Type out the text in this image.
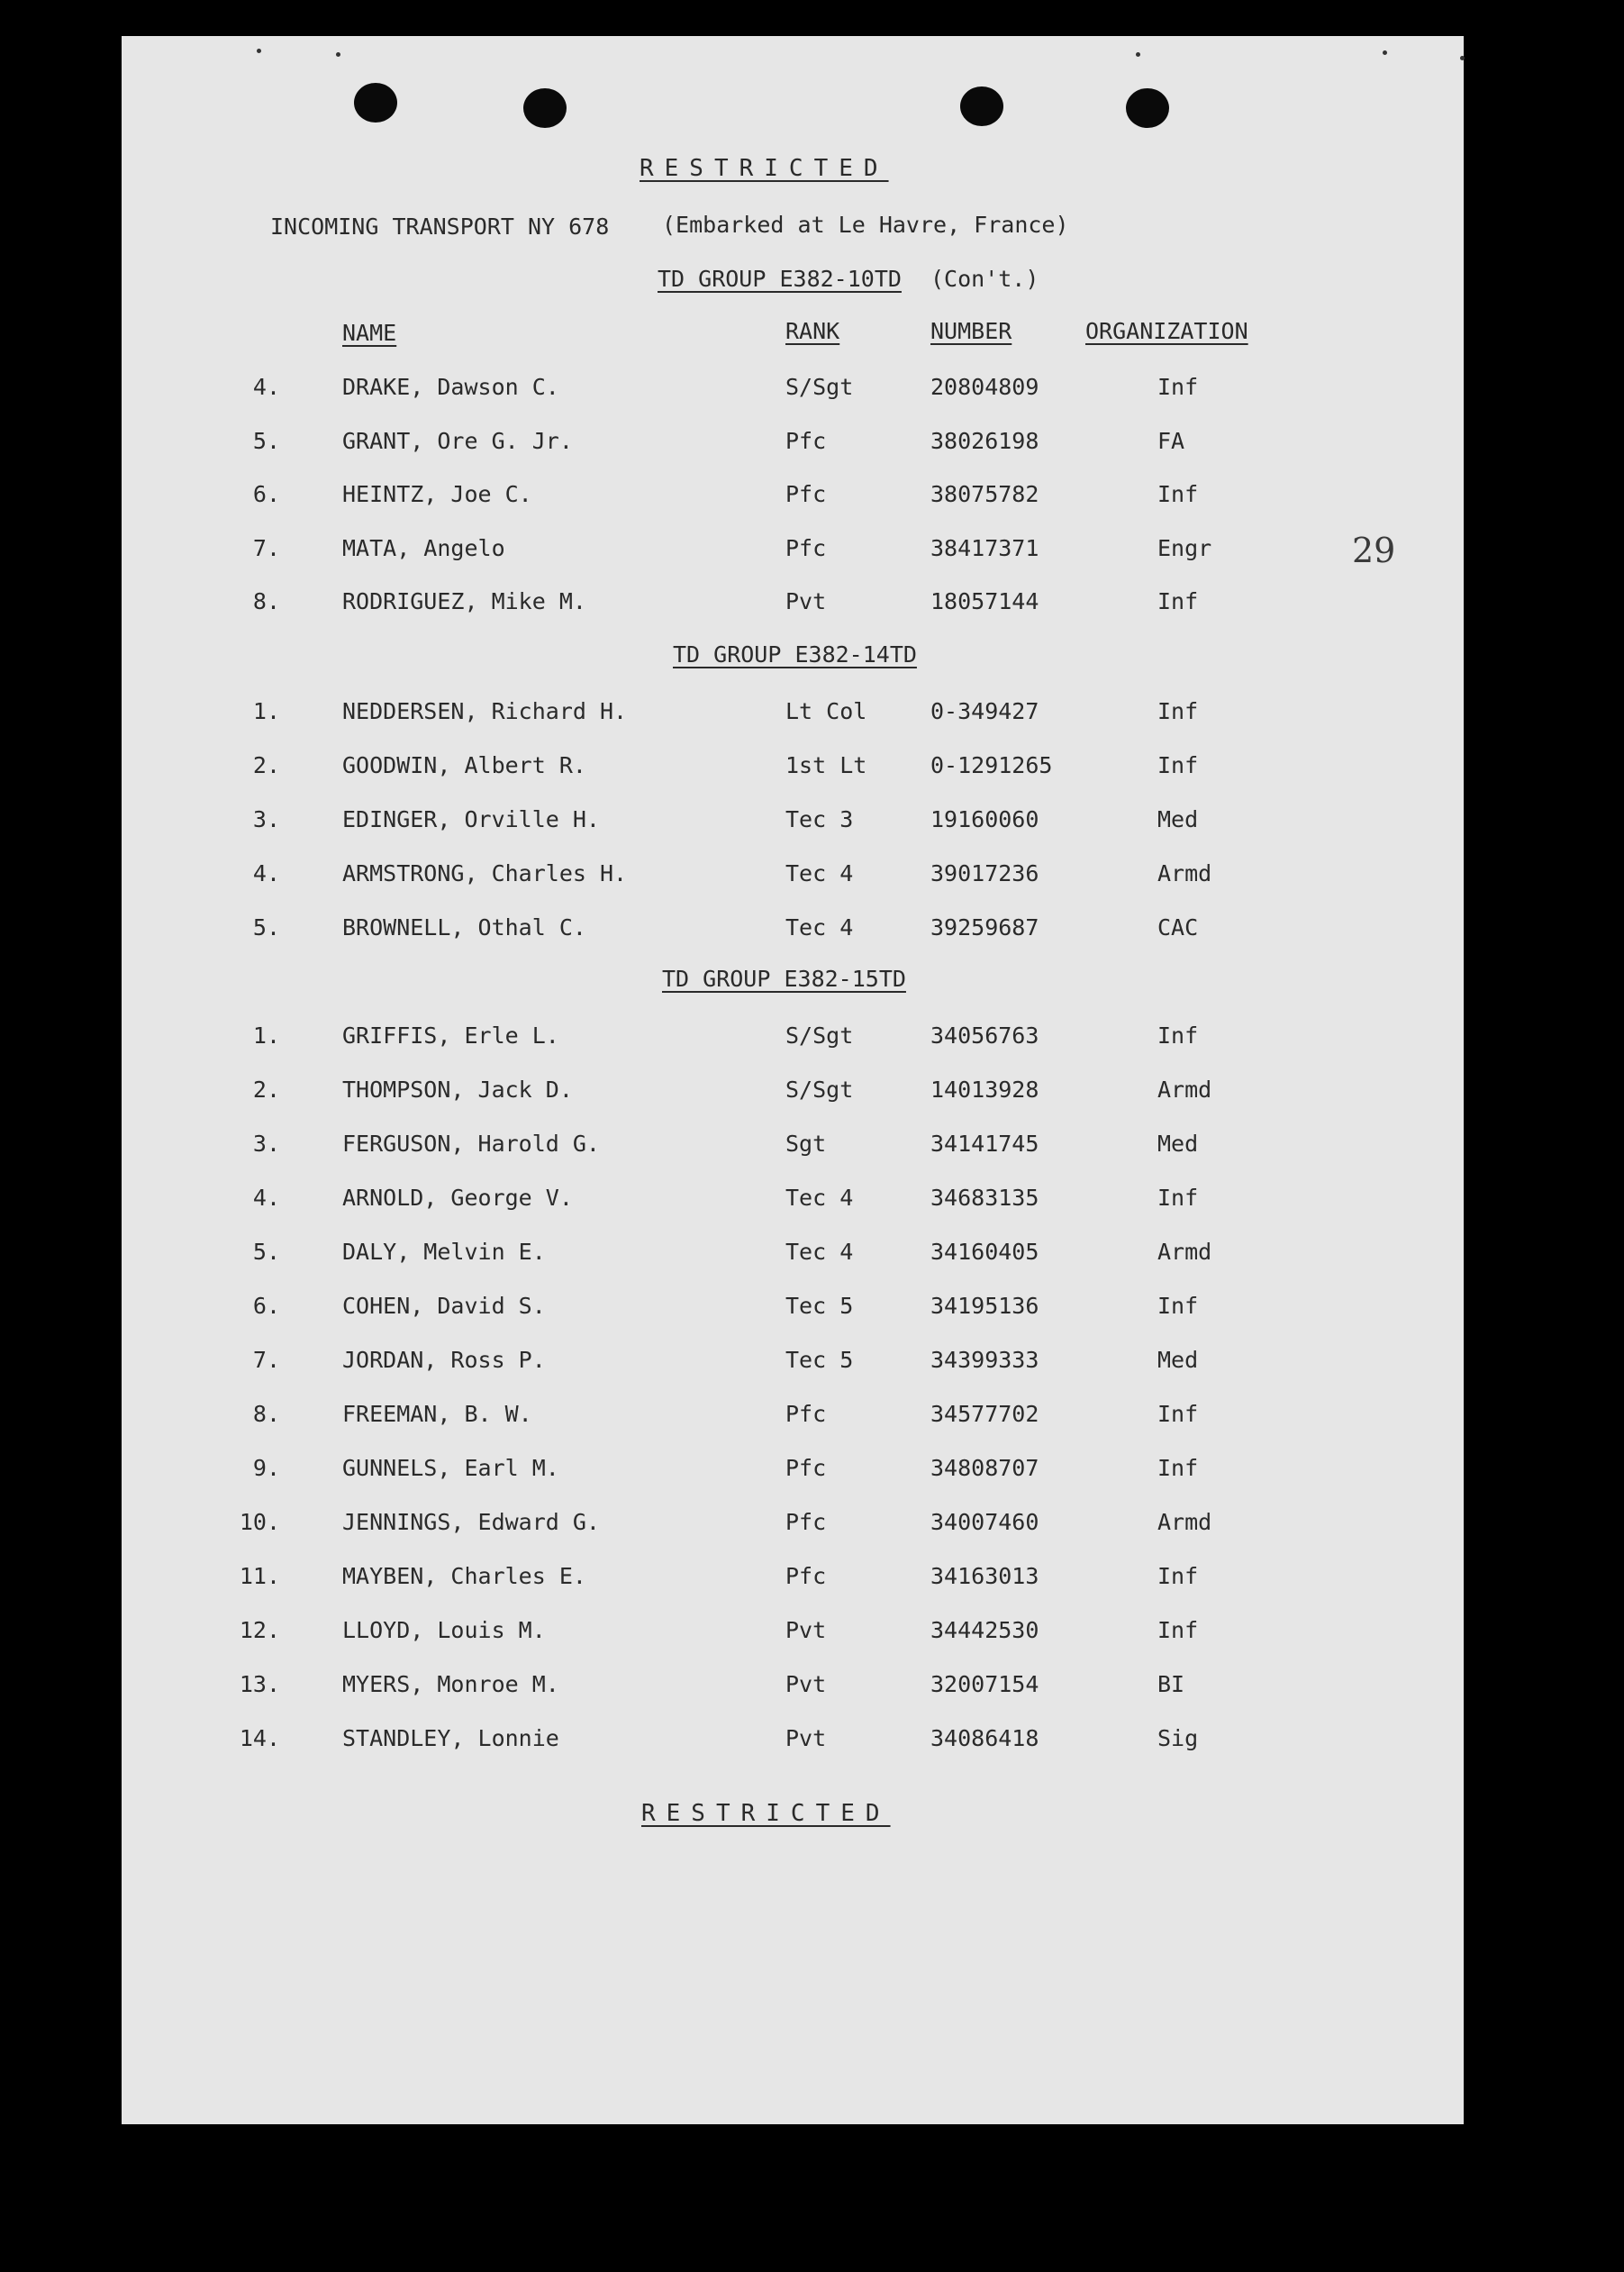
RESTRICTED
INCOMING TRANSPORT NY 678 (Embarked at Le Havre, France)
TD GROUP E382-10TD (Con't.)
NAME	RANK	NUMBER	ORGANIZATION
4.	DRAKE, Dawson C.	S/Sgt	20804809	Inf
5.	GRANT, Ore G. Jr.	Pfc	38026198	FA
6.	HEINTZ, Joe C.	Pfc	38075782	Inf
7.	MATA, Angelo	Pfc	38417371	Engr
8.	RODRIGUEZ, Mike M.	Pvt	18057144	Inf
1.	NEDDERSEN, Richard H.	Lt Col	0-349427	Inf
2.	GOODWIN, Albert R.	1st Lt	0-1291265	Inf
3.	EDINGER, Orville H.	Tec 3	19160060	Med
4.	ARMSTRONG, Charles H.	Tec 4	39017236	Armd
5.	BROWNELL, Othal C.	Tec 4	39259687	CAC
1.	GRIFFIS, Erle L.	S/Sgt	34056763	Inf
2.	THOMPSON, Jack D.	S/Sgt	14013928	Armd
3.	FERGUSON, Harold G.	Sgt	34141745	Med
4.	ARNOLD, George V.	Tec 4	34683135	Inf
5.	DALY, Melvin E.	Tec 4	34160405	Armd
6.	COHEN, David S.	Tec 5	34195136	Inf
7.	JORDAN, Ross P.	Tec 5	34399333	Med
8.	FREEMAN, B. W.	Pfc	34577702	Inf
9.	GUNNELS, Earl M.	Pfc	34808707	Inf
10.	JENNINGS, Edward G.	Pfc	34007460	Armd
11.	MAYBEN, Charles E.	Pfc	34163013	Inf
12.	LLOYD, Louis M.	Pvt	34442530	Inf
13.	MYERS, Monroe M.	Pvt	32007154	BI
14.	STANDLEY, Lonnie	Pvt	34086418	Sig
TD GROUP E382-14TD
TD GROUP E382-15TD
29
RESTRICTED
